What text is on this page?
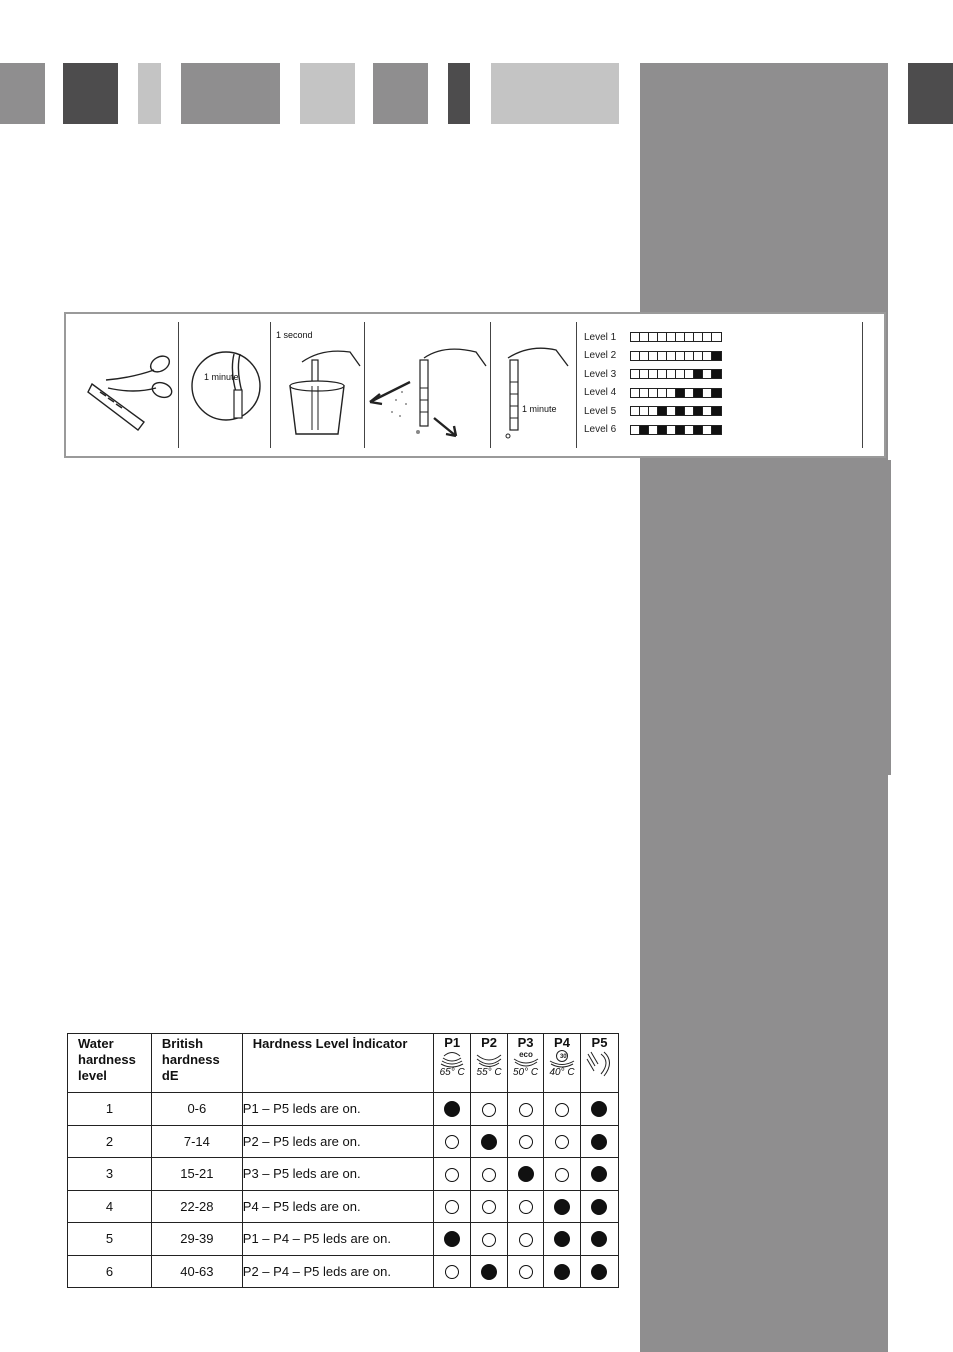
1 minute
1 second
1 minute
Level 1
Level 2
Level 3
Level 4
Level 5
Level 6
Water
hardness
level	British
hardness
dE	Hardness Level İndicator	P1
65° C	P2
55° C	P3
eco
50° C	P4
30'
40° C	P5

1	0-6	P1 – P5 leds are on.					
2	7-14	P2 – P5 leds are on.					
3	15-21	P3 – P5 leds are on.					
4	22-28	P4 – P5 leds are on.					
5	29-39	P1 – P4 – P5 leds are on.					
6	40-63	P2 – P4 – P5 leds are on.					
